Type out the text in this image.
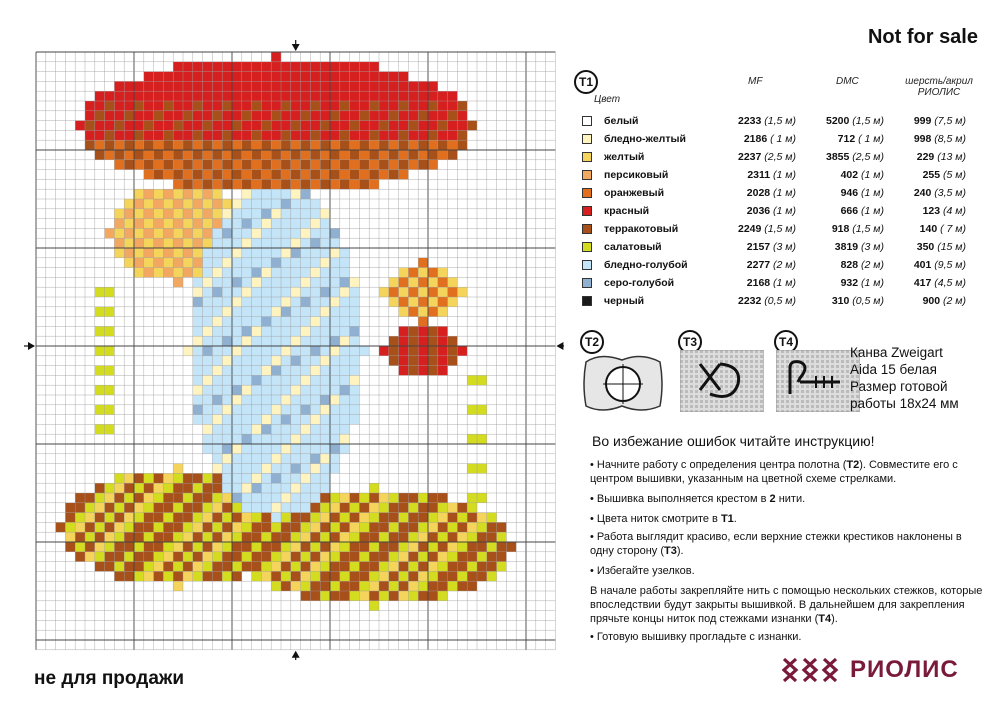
Not for sale
не для продажи
T1
Цвет
MF	DMC	шерсть/акрил
РИОЛИС
белый	2233 (1,5 м)	5200 (1,5 м)	999 (7,5 м)
бледно-желтый	2186 ( 1 м)	712 ( 1 м)	998 (8,5 м)
желтый	2237 (2,5 м)	3855 (2,5 м)	229 (13 м)
персиковый	2311 (1 м)	402 (1 м)	255 (5 м)
оранжевый	2028 (1 м)	946 (1 м)	240 (3,5 м)
красный	2036 (1 м)	666 (1 м)	123 (4 м)
терракотовый	2249 (1,5 м)	918 (1,5 м)	140 ( 7 м)
салатовый	2157 (3 м)	3819 (3 м)	350 (15 м)
бледно-голубой	2277 (2 м)	828 (2 м)	401 (9,5 м)
серо-голубой	2168 (1 м)	932 (1 м)	417 (4,5 м)
черный	2232 (0,5 м)	310 (0,5 м)	900 (2 м)
T2	T3	T4
Канва Zweigart
Aida 15 белая
Размер готовой
работы 18x24 мм
Во избежание ошибок читайте инструкцию!
• Начните работу с определения центра полотна (T2). Совместите его с центром вышивки, указанным на цветной схеме стрелками.
• Вышивка выполняется крестом в 2 нити.
• Цвета ниток смотрите в T1.
• Работа выглядит красиво, если верхние стежки крестиков наклонены в одну сторону (T3).
• Избегайте узелков.
В начале работы закрепляйте нить с помощью нескольких стежков, которые впоследствии будут закрыты вышивкой. В дальнейшем для закрепления прячьте концы ниток под стежками изнанки (T4).
• Готовую вышивку прогладьте с изнанки.
РИОЛИС
